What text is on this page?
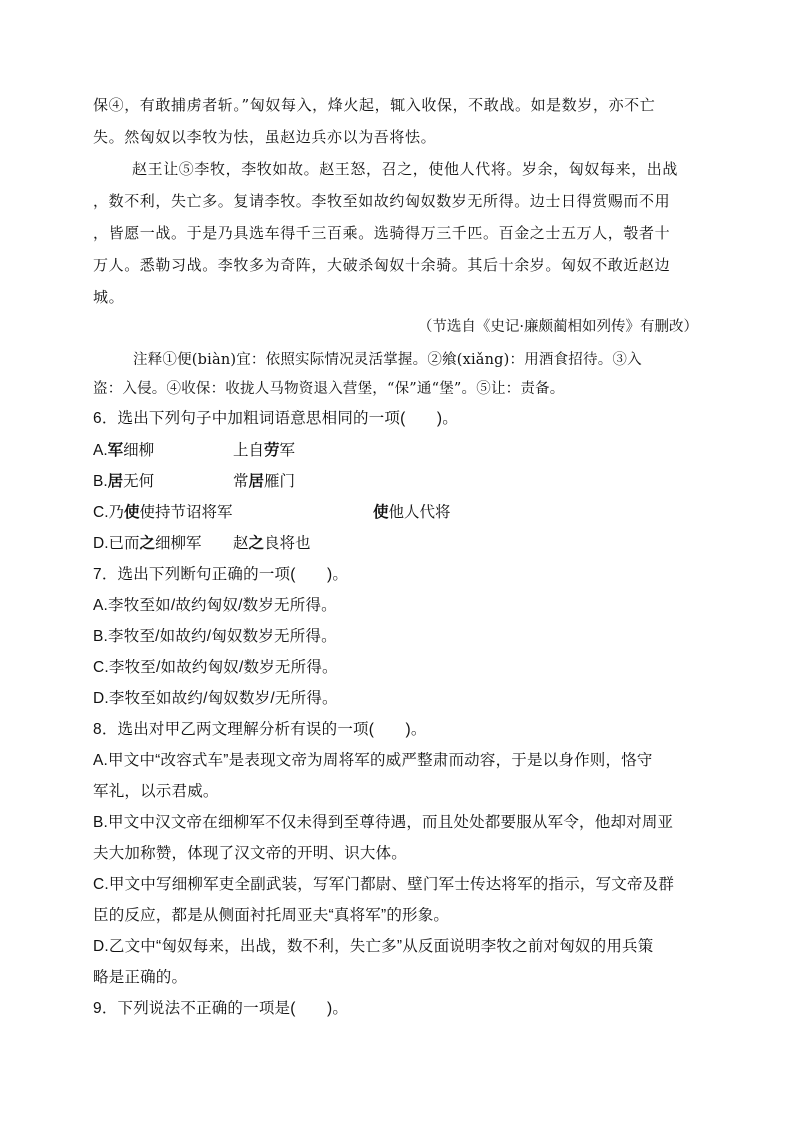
保④，有敢捕虏者斩。”匈奴每入，烽火起，辄入收保，不敢战。如是数岁，亦不亡
失。然匈奴以李牧为怯，虽赵边兵亦以为吾将怯。
赵王让⑤李牧，李牧如故。赵王怒，召之，使他人代将。岁余，匈奴每来，出战
，数不利，失亡多。复请李牧。李牧至如故约匈奴数岁无所得。边士日得赏赐而不用
，皆愿一战。于是乃具选车得千三百乘。选骑得万三千匹。百金之士五万人，彀者十
万人。悉勒习战。李牧多为奇阵，大破杀匈奴十余骑。其后十余岁。匈奴不敢近赵边
城。
（节选自《史记·廉颇蔺相如列传》有删改）
注释①便(biàn)宜：依照实际情况灵活掌握。②飨(xiǎng)：用酒食招待。③入
盗：入侵。④收保：收拢人马物资退入营堡，“保”通“堡”。⑤让：责备。
6．选出下列句子中加粗词语意思相同的一项(　　)。
A.军细柳	上自劳军
B.居无何	常居雁门
C.乃使使持节诏将军	使他人代将
D.已而之细柳军 赵之良将也
7．选出下列断句正确的一项(　　)。
A.李牧至如/故约匈奴/数岁无所得。
B.李牧至/如故约/匈奴数岁无所得。
C.李牧至/如故约匈奴/数岁无所得。
D.李牧至如故约/匈奴数岁/无所得。
8．选出对甲乙两文理解分析有误的一项(　　)。
A.甲文中“改容式车”是表现文帝为周将军的威严整肃而动容，于是以身作则，恪守
军礼，以示君威。
B.甲文中汉文帝在细柳军不仅未得到至尊待遇，而且处处都要服从军令，他却对周亚
夫大加称赞，体现了汉文帝的开明、识大体。
C.甲文中写细柳军吏全副武装，写军门都尉、壁门军士传达将军的指示，写文帝及群
臣的反应，都是从侧面衬托周亚夫“真将军”的形象。
D.乙文中“匈奴每来，出战，数不利，失亡多”从反面说明李牧之前对匈奴的用兵策
略是正确的。
9．下列说法不正确的一项是(　　)。
